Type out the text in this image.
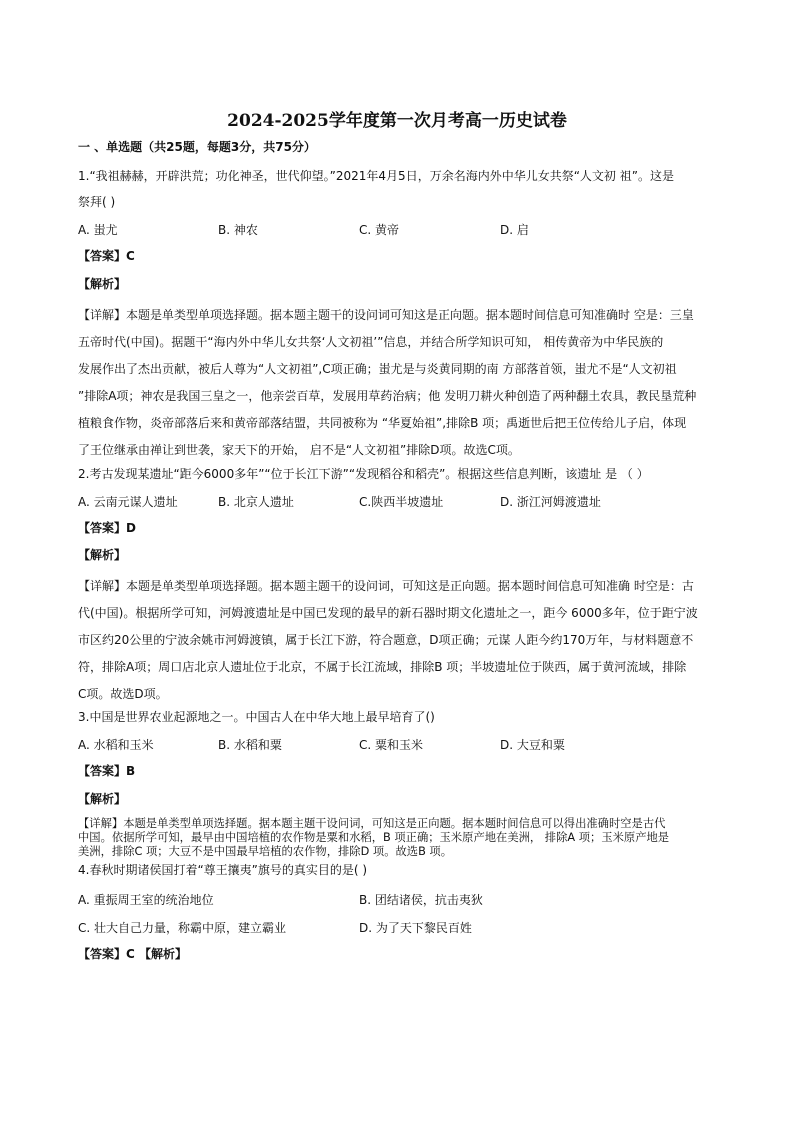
2024-2025学年度第一次月考高一历史试卷
一 、单选题（共25题，每题3分，共75分）
1.“我祖赫赫，开辟洪荒；功化神圣，世代仰望。”2021年4月5日，万余名海内外中华儿女共祭“人文初 祖”。这是
祭拜( )
A. 蚩尤	B. 神农	C. 黄帝	D. 启
【答案】C
【解析】

【详解】本题是单类型单项选择题。据本题主题干的设问词可知这是正向题。据本题时间信息可知准确时 空是：三皇

五帝时代(中国)。据题干“海内外中华儿女共祭‘人文初祖’”信息，并结合所学知识可知， 相传黄帝为中华民族的

发展作出了杰出贡献，被后人尊为“人文初祖”,C项正确；蚩尤是与炎黄同期的南 方部落首领，蚩尤不是“人文初祖

”排除A项；神农是我国三皇之一，他亲尝百草，发展用草药治病；他 发明刀耕火种创造了两种翻土农具，教民垦荒种

植粮食作物，炎帝部落后来和黄帝部落结盟，共同被称为 “华夏始祖”,排除B 项；禹逝世后把王位传给儿子启，体现

了王位继承由禅让到世袭，家天下的开始， 启不是“人文初祖”排除D项。故选C项。

2.考古发现某遗址“距今6000多年”“位于长江下游”“发现稻谷和稻壳”。根据这些信息判断，该遗址 是 （ ）
A. 云南元谋人遗址	B. 北京人遗址	C.陕西半坡遗址	D. 浙江河姆渡遗址
【答案】D
【解析】

【详解】本题是单类型单项选择题。据本题主题干的设问词，可知这是正向题。据本题时间信息可知准确 时空是：古

代(中国)。根据所学可知，河姆渡遗址是中国已发现的最早的新石器时期文化遗址之一，距今 6000多年，位于距宁波

市区约20公里的宁波余姚市河姆渡镇，属于长江下游，符合题意，D项正确；元谋 人距今约170万年，与材料题意不

符，排除A项；周口店北京人遗址位于北京，不属于长江流域，排除B 项；半坡遗址位于陕西，属于黄河流域，排除

C项。故选D项。

3.中国是世界农业起源地之一。中国古人在中华大地上最早培育了()
A. 水稻和玉米	B. 水稻和粟	C. 粟和玉米	D. 大豆和粟
【答案】B
【解析】

【详解】本题是单类型单项选择题。据本题主题干设问词，可知这是正向题。据本题时间信息可以得出准确时空是古代

中国。依据所学可知，最早由中国培植的农作物是粟和水稻，B 项正确；玉米原产地在美洲， 排除A 项；玉米原产地是

美洲，排除C 项；大豆不是中国最早培植的农作物，排除D 项。故选B 项。

4.春秋时期诸侯国打着“尊王攘夷”旗号的真实目的是( )
A. 重振周王室的统治地位	B. 团结诸侯，抗击夷狄
C. 壮大自己力量，称霸中原，建立霸业	D. 为了天下黎民百姓
【答案】C 【解析】
